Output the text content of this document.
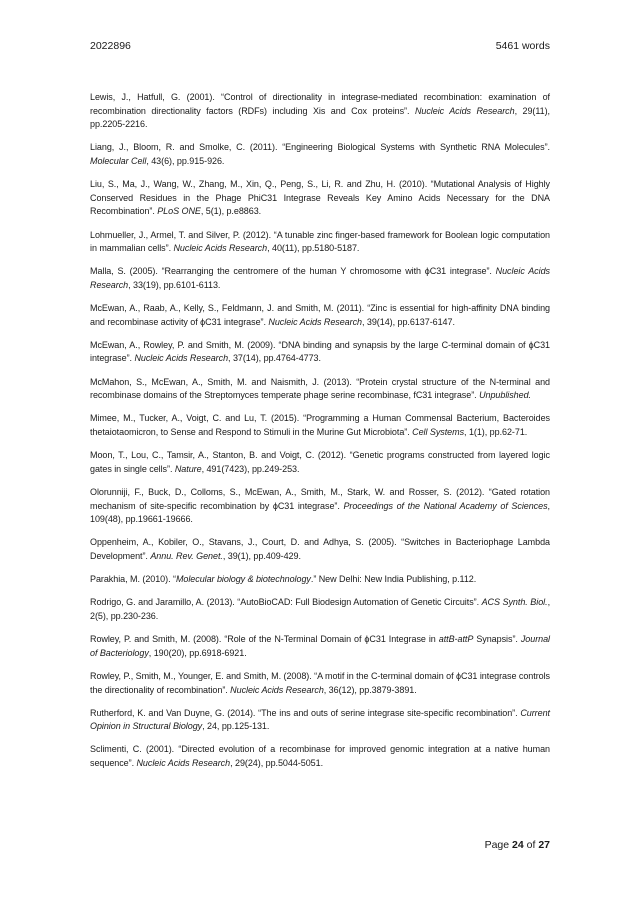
2022896	5461 words

Lewis, J., Hatfull, G. (2001). “Control of directionality in integrase-mediated recombination: examination of recombination directionality factors (RDFs) including Xis and Cox proteins”. Nucleic Acids Research, 29(11), pp.2205-2216.

Liang, J., Bloom, R. and Smolke, C. (2011). “Engineering Biological Systems with Synthetic RNA Molecules”. Molecular Cell, 43(6), pp.915-926.

Liu, S., Ma, J., Wang, W., Zhang, M., Xin, Q., Peng, S., Li, R. and Zhu, H. (2010). “Mutational Analysis of Highly Conserved Residues in the Phage PhiC31 Integrase Reveals Key Amino Acids Necessary for the DNA Recombination”. PLoS ONE, 5(1), p.e8863.

Lohmueller, J., Armel, T. and Silver, P. (2012). “A tunable zinc finger-based framework for Boolean logic computation in mammalian cells”. Nucleic Acids Research, 40(11), pp.5180-5187.

Malla, S. (2005). “Rearranging the centromere of the human Y chromosome with ϕC31 integrase”. Nucleic Acids Research, 33(19), pp.6101-6113.

McEwan, A., Raab, A., Kelly, S., Feldmann, J. and Smith, M. (2011). “Zinc is essential for high-affinity DNA binding and recombinase activity of ϕC31 integrase”. Nucleic Acids Research, 39(14), pp.6137-6147.

McEwan, A., Rowley, P. and Smith, M. (2009). “DNA binding and synapsis by the large C-terminal domain of ϕC31 integrase”. Nucleic Acids Research, 37(14), pp.4764-4773.

McMahon, S., McEwan, A., Smith, M. and Naismith, J. (2013). “Protein crystal structure of the N-terminal and recombinase domains of the Streptomyces temperate phage serine recombinase, fC31 integrase”. Unpublished.

Mimee, M., Tucker, A., Voigt, C. and Lu, T. (2015). “Programming a Human Commensal Bacterium, Bacteroides thetaiotaomicron, to Sense and Respond to Stimuli in the Murine Gut Microbiota”. Cell Systems, 1(1), pp.62-71.

Moon, T., Lou, C., Tamsir, A., Stanton, B. and Voigt, C. (2012). “Genetic programs constructed from layered logic gates in single cells”. Nature, 491(7423), pp.249-253.

Olorunniji, F., Buck, D., Colloms, S., McEwan, A., Smith, M., Stark, W. and Rosser, S. (2012). “Gated rotation mechanism of site-specific recombination by ϕC31 integrase”. Proceedings of the National Academy of Sciences, 109(48), pp.19661-19666.

Oppenheim, A., Kobiler, O., Stavans, J., Court, D. and Adhya, S. (2005). “Switches in Bacteriophage Lambda Development”. Annu. Rev. Genet., 39(1), pp.409-429.

Parakhia, M. (2010). “Molecular biology & biotechnology.” New Delhi: New India Publishing, p.112.

Rodrigo, G. and Jaramillo, A. (2013). “AutoBioCAD: Full Biodesign Automation of Genetic Circuits”. ACS Synth. Biol., 2(5), pp.230-236.

Rowley, P. and Smith, M. (2008). “Role of the N-Terminal Domain of ϕC31 Integrase in attB-attP Synapsis”. Journal of Bacteriology, 190(20), pp.6918-6921.

Rowley, P., Smith, M., Younger, E. and Smith, M. (2008). “A motif in the C-terminal domain of ϕC31 integrase controls the directionality of recombination”. Nucleic Acids Research, 36(12), pp.3879-3891.

Rutherford, K. and Van Duyne, G. (2014). “The ins and outs of serine integrase site-specific recombination”. Current Opinion in Structural Biology, 24, pp.125-131.

Sclimenti, C. (2001). “Directed evolution of a recombinase for improved genomic integration at a native human sequence”. Nucleic Acids Research, 29(24), pp.5044-5051.

Page 24 of 27
